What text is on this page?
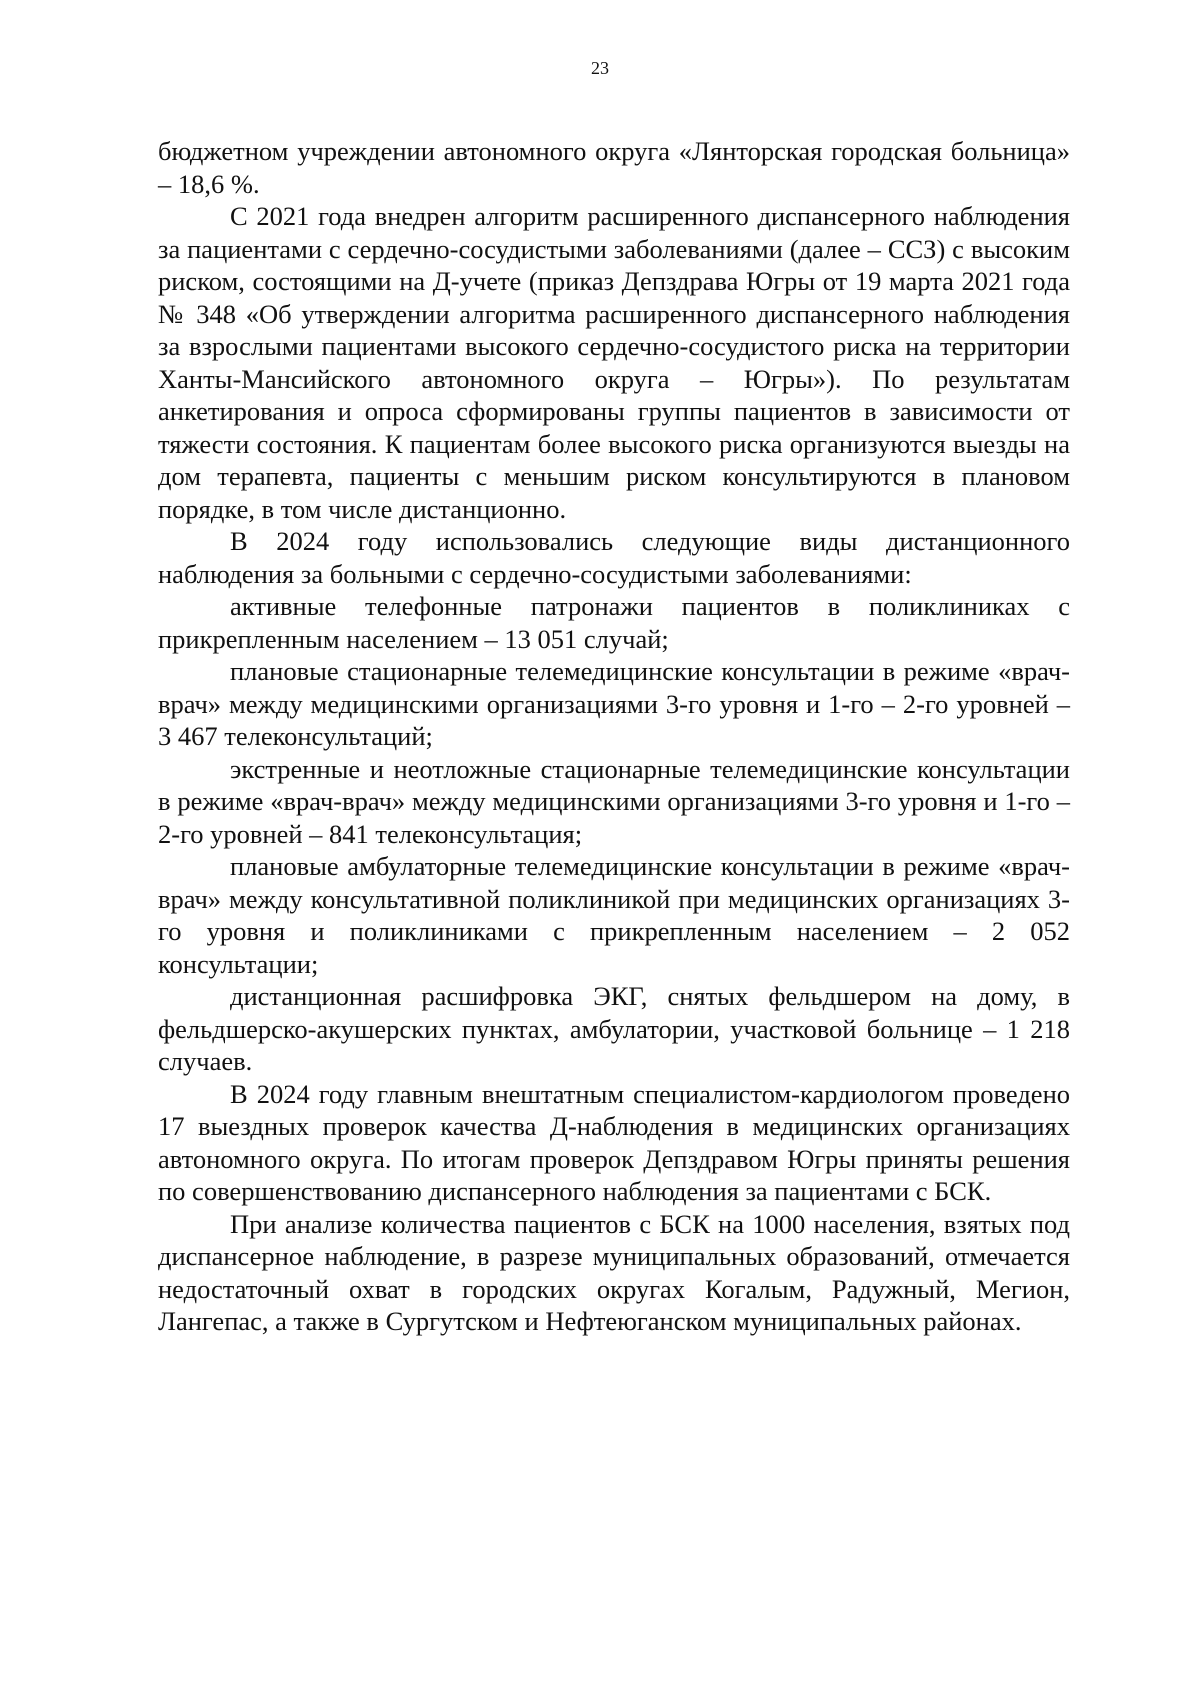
23

бюджетном учреждении автономного округа «Лянторская городская больница» – 18,6 %.

С 2021 года внедрен алгоритм расширенного диспансерного наблюдения за пациентами с сердечно-сосудистыми заболеваниями (далее – ССЗ) с высоким риском, состоящими на Д-учете (приказ Депздрава Югры от 19 марта 2021 года № 348 «Об утверждении алгоритма расширенного диспансерного наблюдения за взрослыми пациентами высокого сердечно-сосудистого риска на территории Ханты-Мансийского автономного округа – Югры»). По результатам анкетирования и опроса сформированы группы пациентов в зависимости от тяжести состояния. К пациентам более высокого риска организуются выезды на дом терапевта, пациенты с меньшим риском консультируются в плановом порядке, в том числе дистанционно.

В 2024 году использовались следующие виды дистанционного наблюдения за больными с сердечно-сосудистыми заболеваниями:

активные телефонные патронажи пациентов в поликлиниках с прикрепленным населением – 13 051 случай;

плановые стационарные телемедицинские консультации в режиме «врач-врач» между медицинскими организациями 3-го уровня и 1-го – 2-го уровней – 3 467 телеконсультаций;

экстренные и неотложные стационарные телемедицинские консультации в режиме «врач-врач» между медицинскими организациями 3-го уровня и 1-го – 2-го уровней – 841 телеконсультация;

плановые амбулаторные телемедицинские консультации в режиме «врач-врач» между консультативной поликлиникой при медицинских организациях 3-го уровня и поликлиниками с прикрепленным населением – 2 052 консультации;

дистанционная расшифровка ЭКГ, снятых фельдшером на дому, в фельдшерско-акушерских пунктах, амбулатории, участковой больнице – 1 218 случаев.

В 2024 году главным внештатным специалистом-кардиологом проведено 17 выездных проверок качества Д-наблюдения в медицинских организациях автономного округа. По итогам проверок Депздравом Югры приняты решения по совершенствованию диспансерного наблюдения за пациентами с БСК.

При анализе количества пациентов с БСК на 1000 населения, взятых под диспансерное наблюдение, в разрезе муниципальных образований, отмечается недостаточный охват в городских округах Когалым, Радужный, Мегион, Лангепас, а также в Сургутском и Нефтеюганском муниципальных районах.
